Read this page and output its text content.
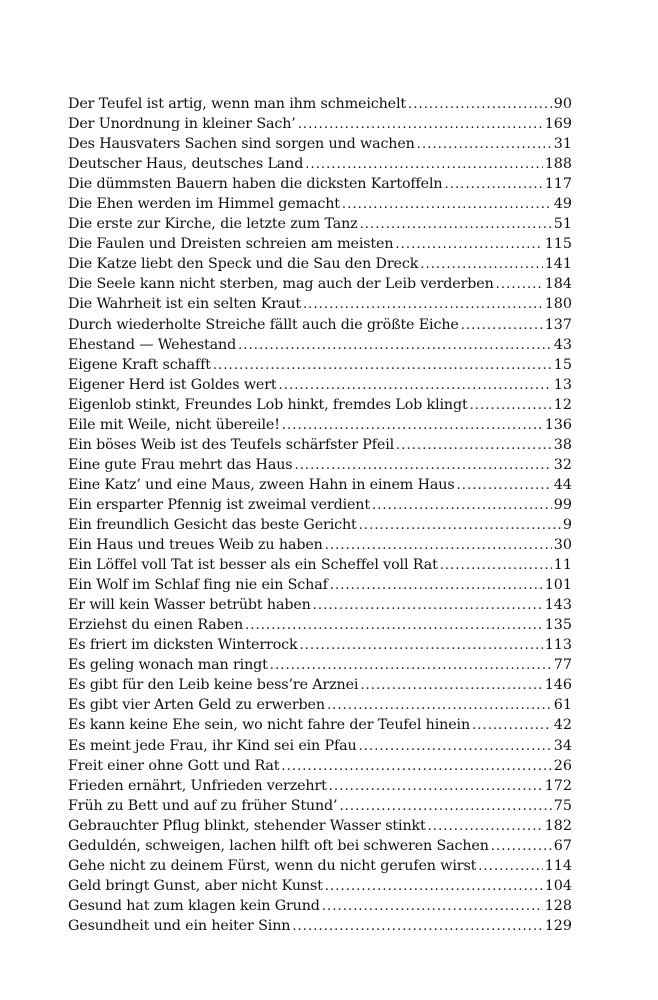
Der Teufel ist artig, wenn man ihm schmeichelt .....	90
Der Unordnung in kleiner Sach’ .....	169
Des Hausvaters Sachen sind sorgen und wachen .....	31
Deutscher Haus, deutsches Land .....	188
Die dümmsten Bauern haben die dicksten Kartoffeln .....	117
Die Ehen werden im Himmel gemacht .....	49
Die erste zur Kirche, die letzte zum Tanz .....	51
Die Faulen und Dreisten schreien am meisten .....	115
Die Katze liebt den Speck und die Sau den Dreck .....	141
Die Seele kann nicht sterben, mag auch der Leib verderben .....	184
Die Wahrheit ist ein selten Kraut .....	180
Durch wiederholte Streiche fällt auch die größte Eiche .....	137
Ehestand — Wehestand .....	43
Eigene Kraft schafft .....	15
Eigener Herd ist Goldes wert .....	13
Eigenlob stinkt, Freundes Lob hinkt, fremdes Lob klingt .....	12
Eile mit Weile, nicht übereile! .....	136
Ein böses Weib ist des Teufels schärfster Pfeil .....	38
Eine gute Frau mehrt das Haus .....	32
Eine Katz’ und eine Maus, zween Hahn in einem Haus .....	44
Ein ersparter Pfennig ist zweimal verdient .....	99
Ein freundlich Gesicht das beste Gericht .....	9
Ein Haus und treues Weib zu haben .....	30
Ein Löffel voll Tat ist besser als ein Scheffel voll Rat .....	11
Ein Wolf im Schlaf fing nie ein Schaf .....	101
Er will kein Wasser betrübt haben .....	143
Erziehst du einen Raben .....	135
Es friert im dicksten Winterrock .....	113
Es geling wonach man ringt .....	77
Es gibt für den Leib keine bess’re Arznei .....	146
Es gibt vier Arten Geld zu erwerben .....	61
Es kann keine Ehe sein, wo nicht fahre der Teufel hinein .....	42
Es meint jede Frau, ihr Kind sei ein Pfau .....	34
Freit einer ohne Gott und Rat .....	26
Frieden ernährt, Unfrieden verzehrt .....	172
Früh zu Bett und auf zu früher Stund’ .....	75
Gebrauchter Pflug blinkt, stehender Wasser stinkt .....	182
Geduldén, schweigen, lachen hilft oft bei schweren Sachen .....	67
Gehe nicht zu deinem Fürst, wenn du nicht gerufen wirst .....	114
Geld bringt Gunst, aber nicht Kunst .....	104
Gesund hat zum klagen kein Grund .....	128
Gesundheit und ein heiter Sinn .....	129
